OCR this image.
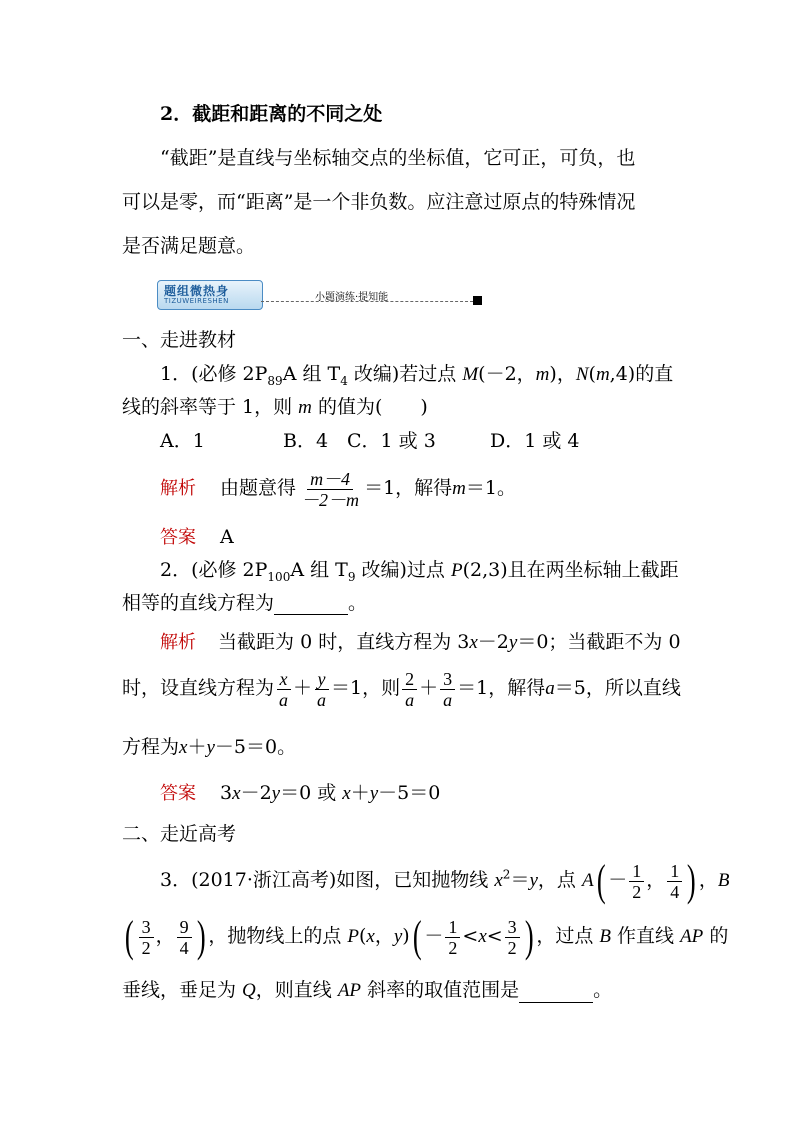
2．截距和距离的不同之处
“截距”是直线与坐标轴交点的坐标值，它可正，可负，也
可以是零，而“距离”是一个非负数。应注意过原点的特殊情况
是否满足题意。
题组微热身
TIZUWEIRESHEN	小题演练·提知能
一、走进教材
1．(必修 $2P_{89}A$ 组 $T_4$ 改编)若过点 M(－2，m)，N(m,4)的直
线的斜率等于 1，则 m 的值为(　　)
A．1	B．4 C．1 或 3	D．1 或 4
解析 由题意得 $\frac{m-4}{-2-m} =1$，解得m＝1。
答案 A
2．(必修 $2P_{100}A$ 组 $T_9$ 改编)过点 P(2,3)且在两坐标轴上截距
相等的直线方程为	。
解析 当截距为 0 时，直线方程为 3x－2y＝0；当截距不为 0
时，设直线方程为 $\frac{x}{a} + \frac{y}{a} =1$，则 $\frac{2}{a} + \frac{3}{a} =1$，解得a＝5，所以直线
方程为x＋y－5＝0。
答案 3x－2y＝0 或 x＋y－5＝0
二、走近高考
3．(2017·浙江高考)如图，已知抛物线 $x^2=y$，点 $A( - \frac{1}{2}$ ， $\frac{1}{4}$ ) ，B
( $\frac{3}{2}$ ， $\frac{9}{4}$ ) ，抛物线上的点 P(x，$y)( - \frac{1}{2} <x< \frac{3}{2}$ ) ，过点 B 作直线 AP 的
垂线，垂足为 Q，则直线 AP 斜率的取值范围是	。
